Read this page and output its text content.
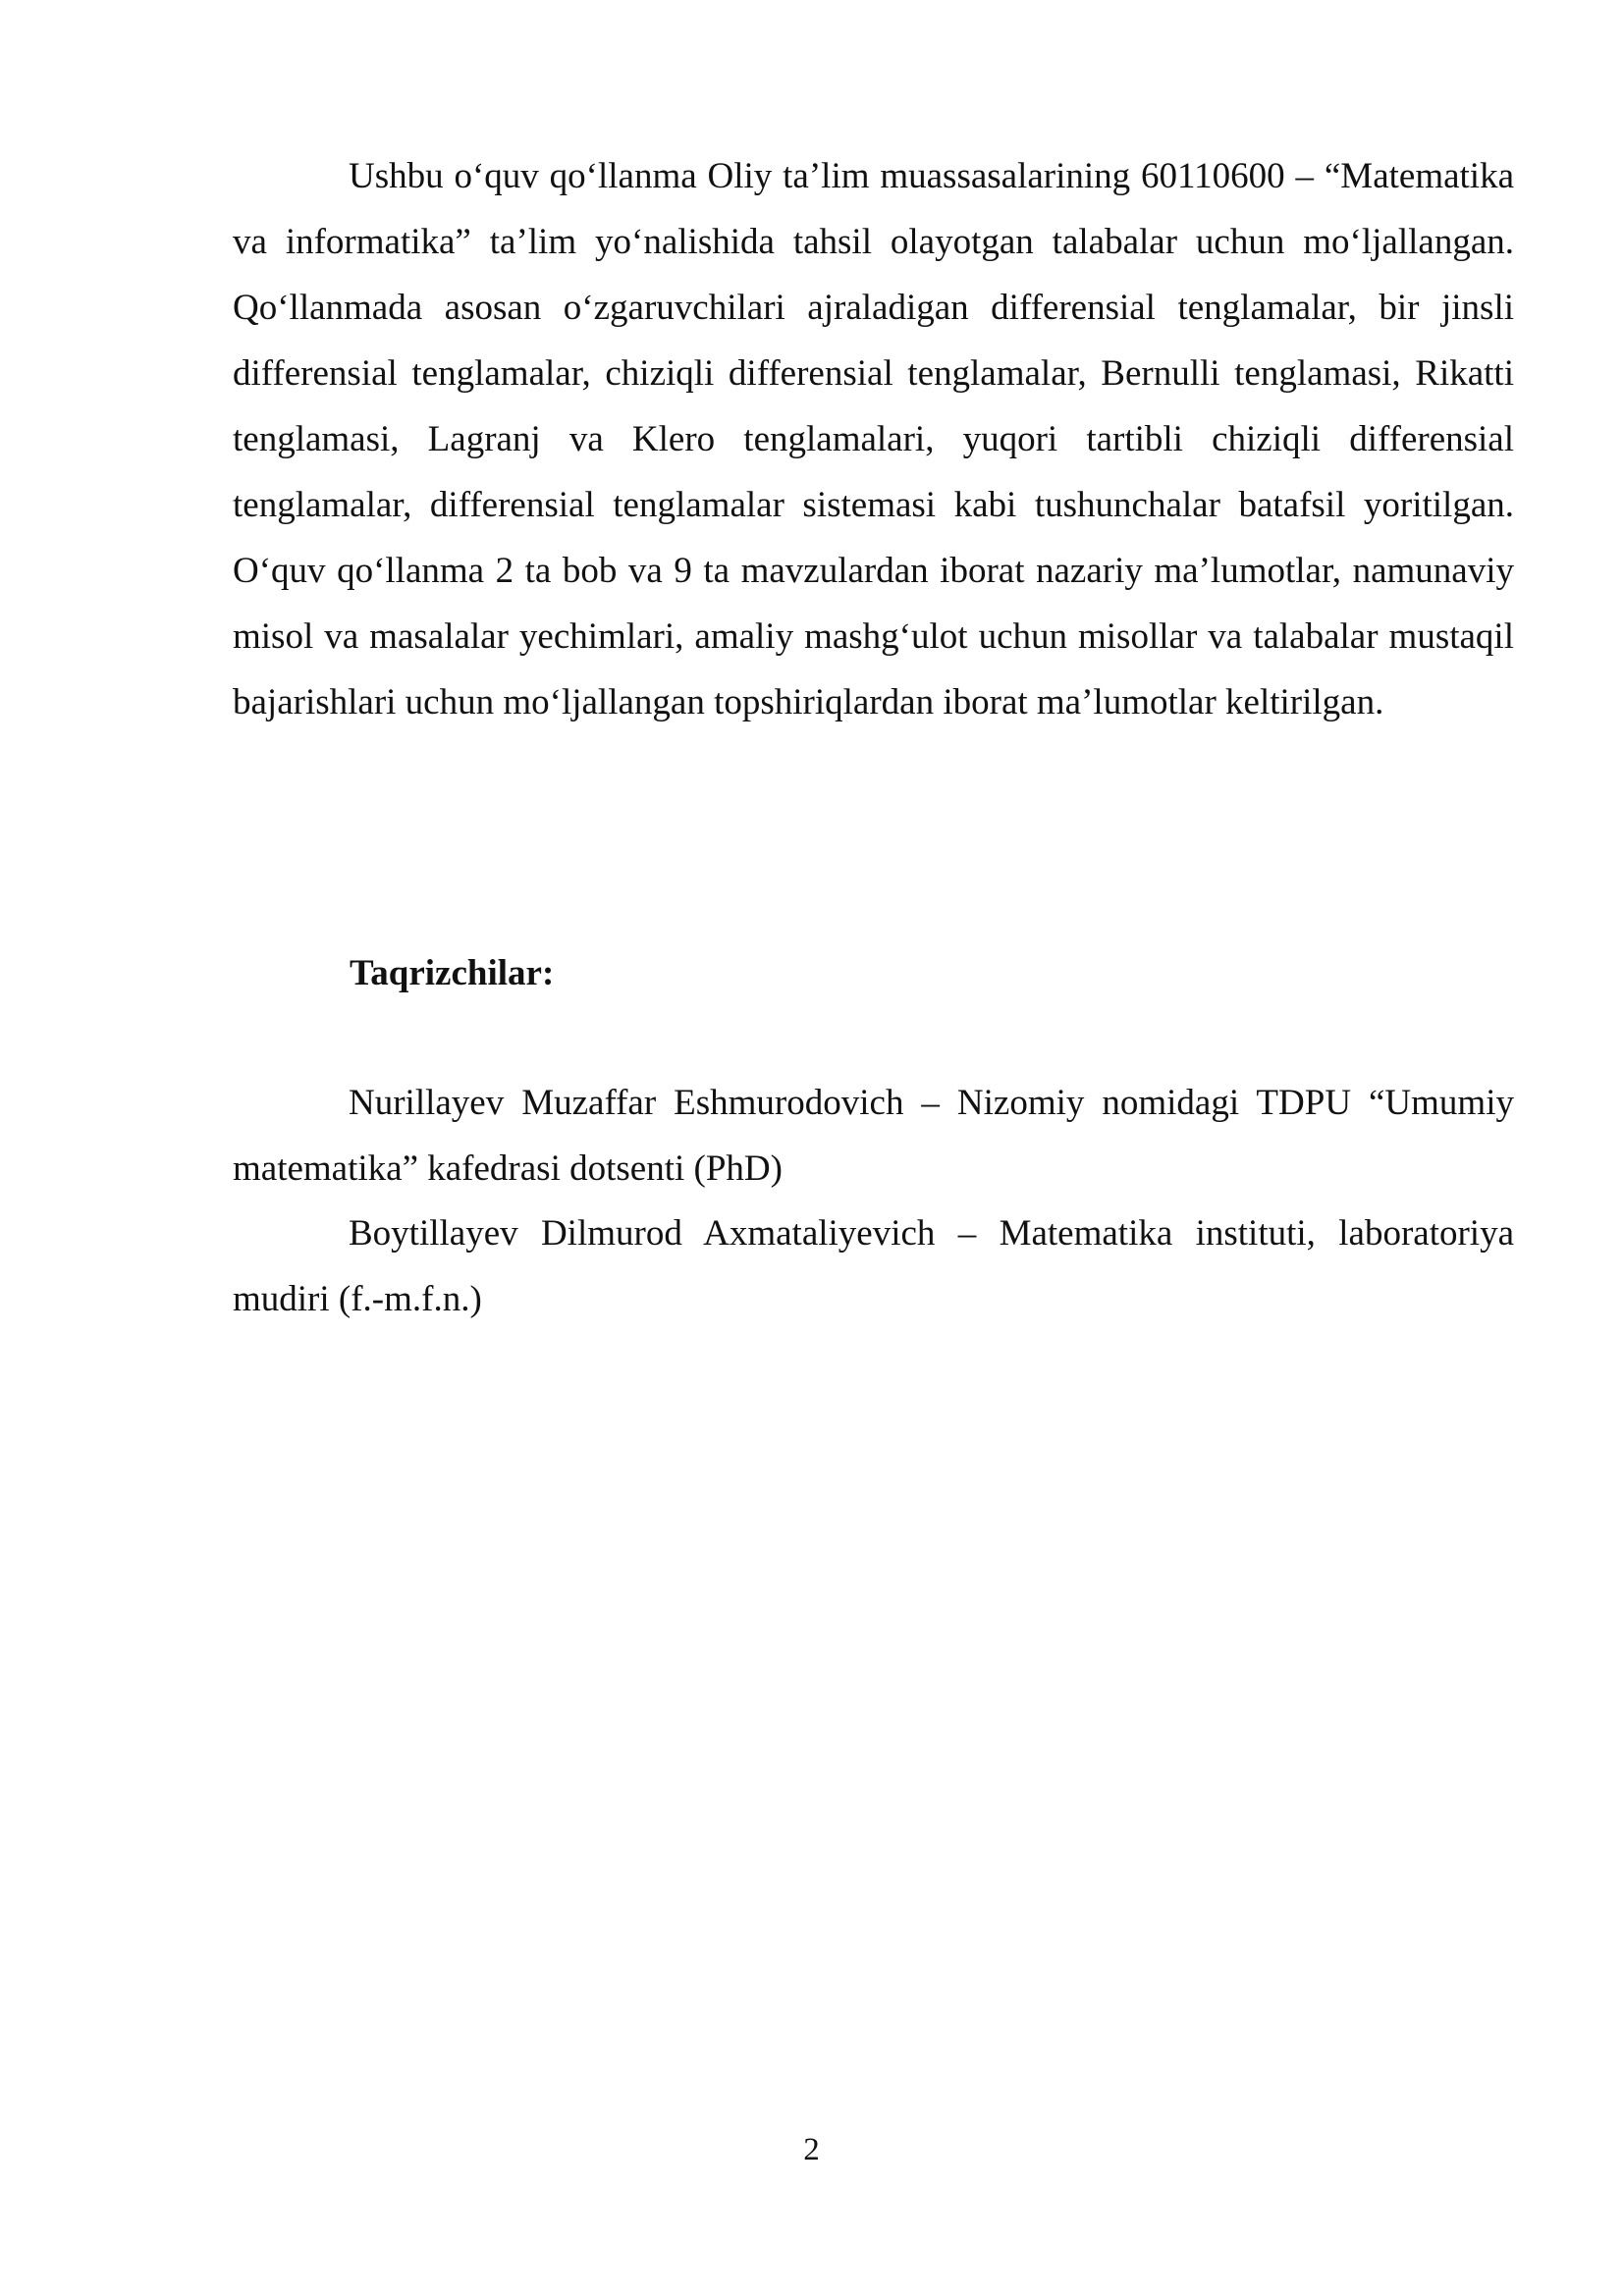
Ushbu o‘quv qo‘llanma Oliy ta’lim muassasalarining 60110600 – “Matematika va informatika” ta’lim yo‘nalishida tahsil olayotgan talabalar uchun mo‘ljallangan. Qo‘llanmada asosan o‘zgaruvchilari ajraladigan differensial tenglamalar, bir jinsli differensial tenglamalar, chiziqli differensial tenglamalar, Bernulli tenglamasi, Rikatti tenglamasi, Lagranj va Klero tenglamalari, yuqori tartibli chiziqli differensial tenglamalar, differensial tenglamalar sistemasi kabi tushunchalar batafsil yoritilgan. O‘quv qo‘llanma 2 ta bob va 9 ta mavzulardan iborat nazariy ma’lumotlar, namunaviy misol va masalalar yechimlari, amaliy mashg‘ulot uchun misollar va talabalar mustaqil bajarishlari uchun mo‘ljallangan topshiriqlardan iborat ma’lumotlar keltirilgan.

Taqrizchilar:

Nurillayev Muzaffar Eshmurodovich – Nizomiy nomidagi TDPU “Umumiy matematika” kafedrasi dotsenti (PhD)

Boytillayev Dilmurod Axmataliyevich – Matematika instituti, laboratoriya mudiri (f.-m.f.n.)

2
